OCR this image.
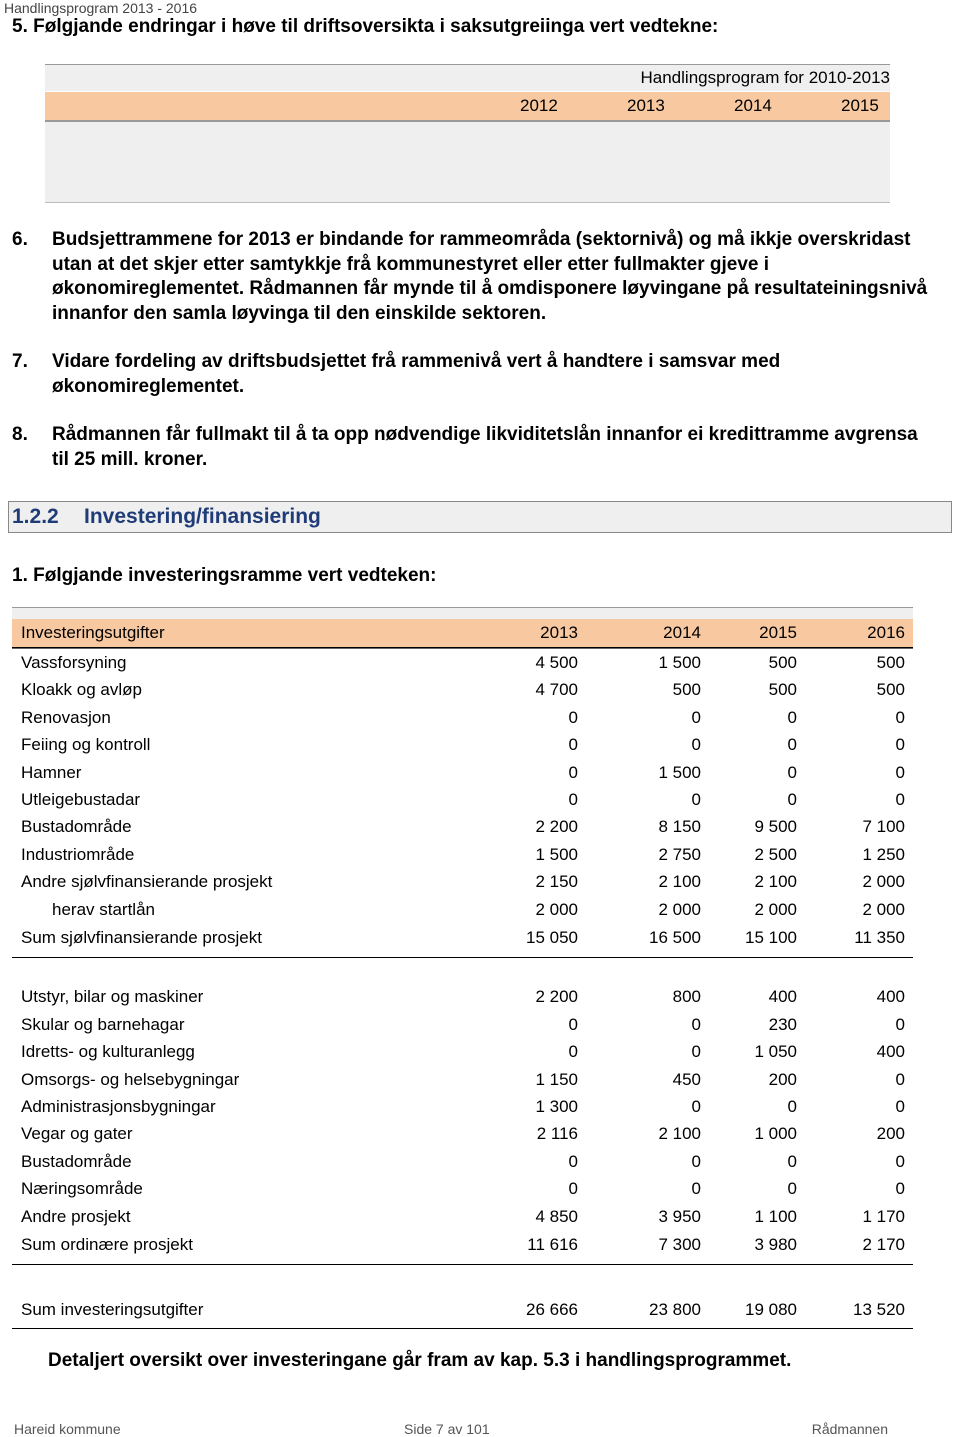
Handlingsprogram 2013 - 2016
5. Følgjande endringar i høve til driftsoversikta i saksutgreiinga vert vedtekne:
Handlingsprogram for 2010-2013
2012	2013	2014	2015
6. Budsjettrammene for 2013 er bindande for rammeområda (sektornivå) og må ikkje overskridast utan at det skjer etter samtykkje frå kommunestyret eller etter fullmakter gjeve i økonomireglementet. Rådmannen får mynde til å omdisponere løyvingane på resultateiningsnivå innanfor den samla løyvinga til den einskilde sektoren.
7. Vidare fordeling av driftsbudsjettet frå rammenivå vert å handtere i samsvar med økonomireglementet.
8. Rådmannen får fullmakt til å ta opp nødvendige likviditetslån innanfor ei kredittramme avgrensa til 25 mill. kroner.
1.2.2 Investering/finansiering
1. Følgjande investeringsramme vert vedteken:
Investeringsutgifter	2013	2014	2015	2016
Vassforsyning	4 500	1 500	500	500
Kloakk og avløp	4 700	500	500	500
Renovasjon	0	0	0	0
Feiing og kontroll	0	0	0	0
Hamner	0	1 500	0	0
Utleigebustadar	0	0	0	0
Bustadområde	2 200	8 150	9 500	7 100
Industriområde	1 500	2 750	2 500	1 250
Andre sjølvfinansierande prosjekt	2 150	2 100	2 100	2 000
herav startlån	2 000	2 000	2 000	2 000
Sum sjølvfinansierande prosjekt	15 050	16 500	15 100	11 350
Utstyr, bilar og maskiner	2 200	800	400	400
Skular og barnehagar	0	0	230	0
Idretts- og kulturanlegg	0	0	1 050	400
Omsorgs- og helsebygningar	1 150	450	200	0
Administrasjonsbygningar	1 300	0	0	0
Vegar og gater	2 116	2 100	1 000	200
Bustadområde	0	0	0	0
Næringsområde	0	0	0	0
Andre prosjekt	4 850	3 950	1 100	1 170
Sum ordinære prosjekt	11 616	7 300	3 980	2 170
Sum investeringsutgifter	26 666	23 800	19 080	13 520
Detaljert oversikt over investeringane går fram av kap. 5.3 i handlingsprogrammet.
Hareid kommune	Side 7 av 101	Rådmannen
